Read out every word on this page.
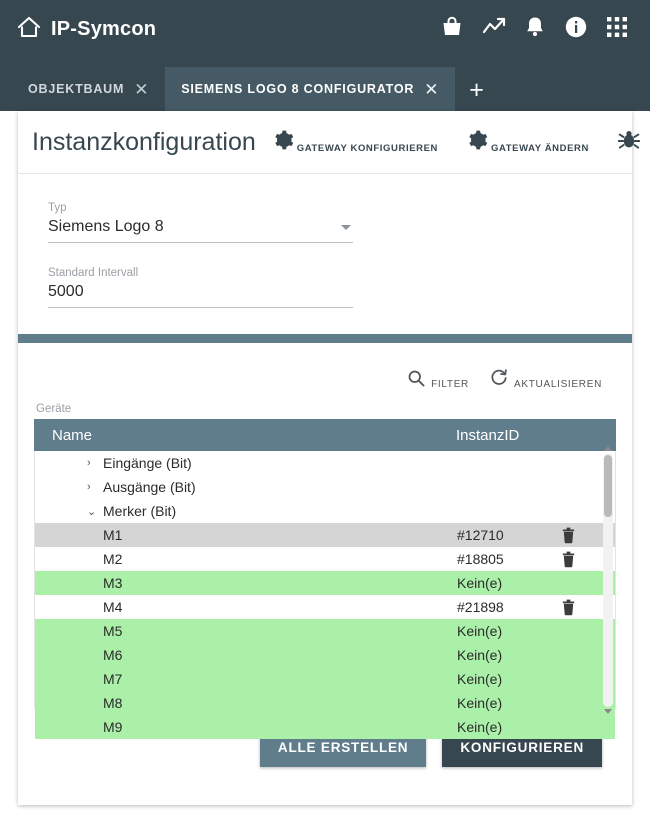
IP-Symcon
OBJEKTBAUM ✕	SIEMENS LOGO 8 CONFIGURATOR ✕	+
Instanzkonfiguration	GATEWAY KONFIGURIEREN	GATEWAY ÄNDERN
Typ
Siemens Logo 8
Standard Intervall
5000
FILTER	AKTUALISIEREN
Geräte
Name	InstanzID
› Eingänge (Bit)
› Ausgänge (Bit)
⌄ Merker (Bit)
M1	#12710
M2	#18805
M3	Kein(e)
M4	#21898
M5	Kein(e)
M6	Kein(e)
M7	Kein(e)
M8	Kein(e)
M9	Kein(e)
ALLE ERSTELLEN	KONFIGURIEREN
